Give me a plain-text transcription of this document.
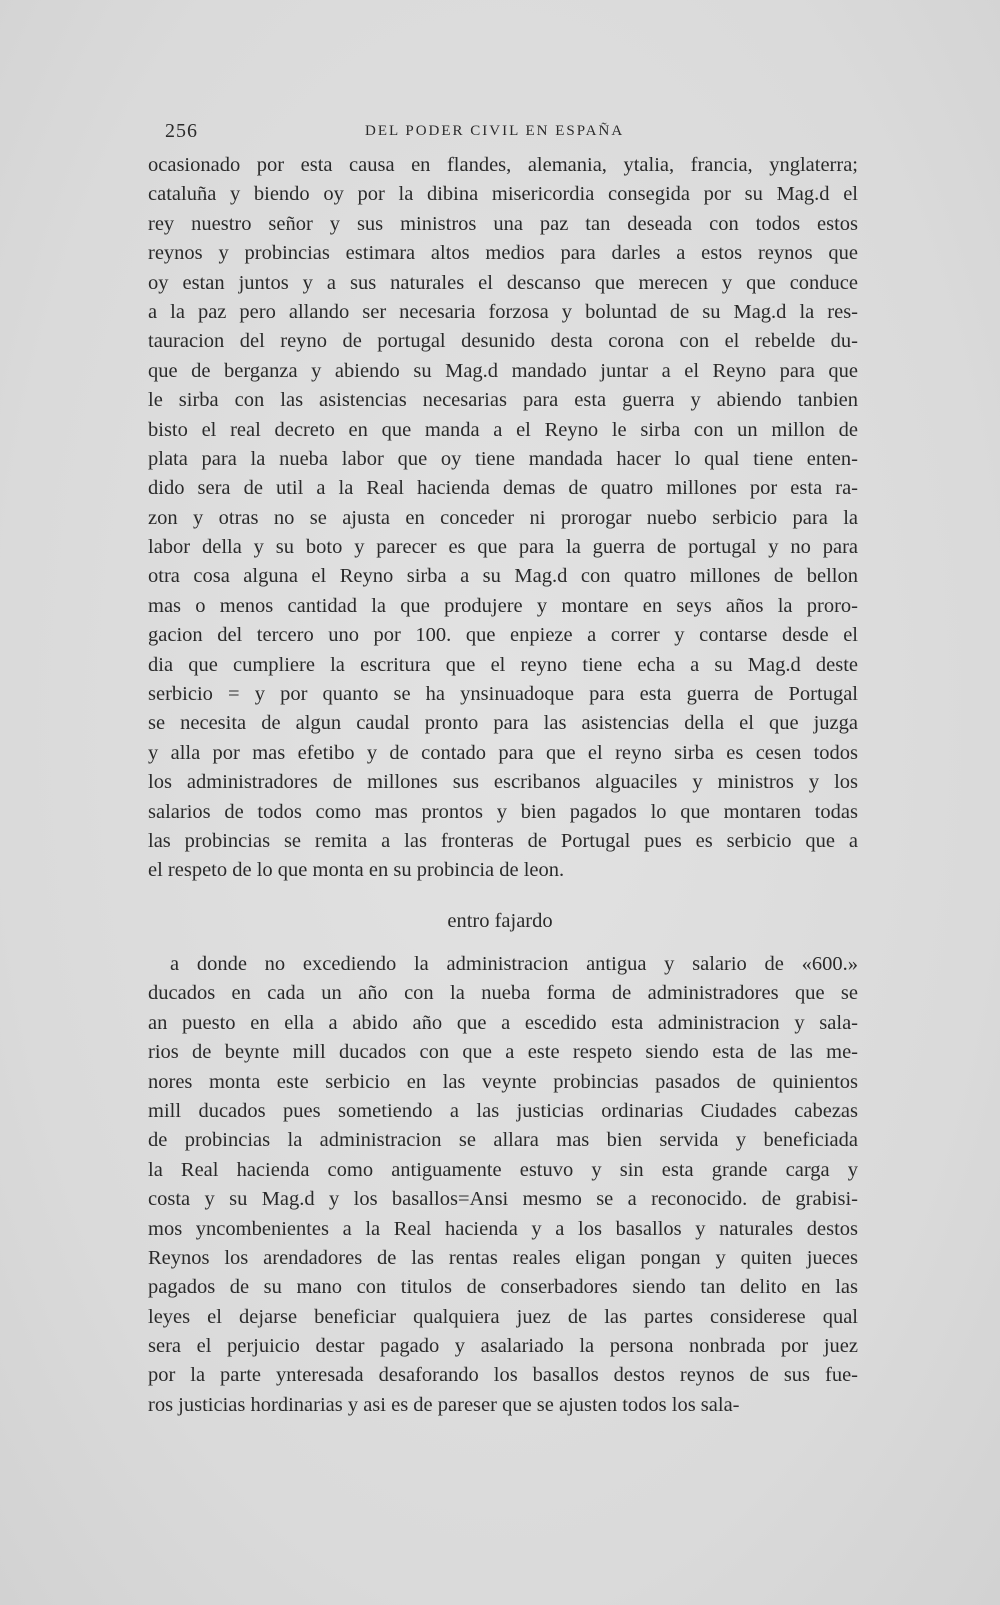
256	DEL PODER CIVIL EN ESPAÑA
ocasionado por esta causa en flandes, alemania, ytalia, francia, ynglaterra;
cataluña y biendo oy por la dibina misericordia consegida por su Mag.d el
rey nuestro señor y sus ministros una paz tan deseada con todos estos
reynos y probincias estimara altos medios para darles a estos reynos que
oy estan juntos y a sus naturales el descanso que merecen y que conduce
a la paz pero allando ser necesaria forzosa y boluntad de su Mag.d la res-
tauracion del reyno de portugal desunido desta corona con el rebelde du-
que de berganza y abiendo su Mag.d mandado juntar a el Reyno para que
le sirba con las asistencias necesarias para esta guerra y abiendo tanbien
bisto el real decreto en que manda a el Reyno le sirba con un millon de
plata para la nueba labor que oy tiene mandada hacer lo qual tiene enten-
dido sera de util a la Real hacienda demas de quatro millones por esta ra-
zon y otras no se ajusta en conceder ni prorogar nuebo serbicio para la
labor della y su boto y parecer es que para la guerra de portugal y no para
otra cosa alguna el Reyno sirba a su Mag.d con quatro millones de bellon
mas o menos cantidad la que produjere y montare en seys años la proro-
gacion del tercero uno por 100. que enpieze a correr y contarse desde el
dia que cumpliere la escritura que el reyno tiene echa a su Mag.d deste
serbicio = y por quanto se ha ynsinuadoque para esta guerra de Portugal
se necesita de algun caudal pronto para las asistencias della el que juzga
y alla por mas efetibo y de contado para que el reyno sirba es cesen todos
los administradores de millones sus escribanos alguaciles y ministros y los
salarios de todos como mas prontos y bien pagados lo que montaren todas
las probincias se remita a las fronteras de Portugal pues es serbicio que a
el respeto de lo que monta en su probincia de leon.
entro fajardo
a donde no excediendo la administracion antigua y salario de «600.»
ducados en cada un año con la nueba forma de administradores que se
an puesto en ella a abido año que a escedido esta administracion y sala-
rios de beynte mill ducados con que a este respeto siendo esta de las me-
nores monta este serbicio en las veynte probincias pasados de quinientos
mill ducados pues sometiendo a las justicias ordinarias Ciudades cabezas
de probincias la administracion se allara mas bien servida y beneficiada
la Real hacienda como antiguamente estuvo y sin esta grande carga y
costa y su Mag.d y los basallos=Ansi mesmo se a reconocido. de grabisi-
mos yncombenientes a la Real hacienda y a los basallos y naturales destos
Reynos los arendadores de las rentas reales eligan pongan y quiten jueces
pagados de su mano con titulos de conserbadores siendo tan delito en las
leyes el dejarse beneficiar qualquiera juez de las partes considerese qual
sera el perjuicio destar pagado y asalariado la persona nonbrada por juez
por la parte ynteresada desaforando los basallos destos reynos de sus fue-
ros justicias hordinarias y asi es de pareser que se ajusten todos los sala-
